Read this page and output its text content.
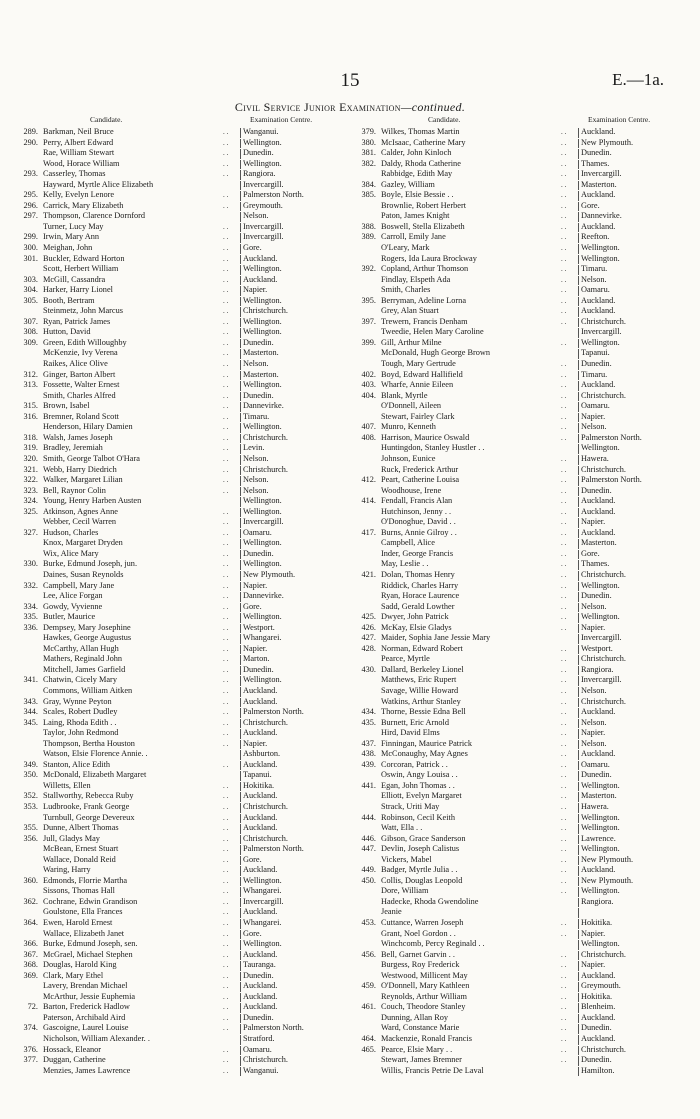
15	E.—1a.
Civil Service Junior Examination—continued.
Candidate.	Examination Centre.
289. Barkman, Neil Bruce	. .	Wanganui.
290. Perry, Albert Edward	. .	Wellington.
Rae, William Stewart	. .	Dunedin.
Wood, Horace William	. .	Wellington.
293. Casserley, Thomas	. .	Rangiora.
Hayward, Myrtle Alice Elizabeth	Invercargill.
295. Kelly, Evelyn Lenore	. .	Palmerston North.
296. Carrick, Mary Elizabeth	. .	Greymouth.
297. Thompson, Clarence Dornford	Nelson.
Turner, Lucy May	. .	Invercargill.
299. Irwin, Mary Ann	. .	Invercargill.
300. Meighan, John	. .	Gore.
301. Buckler, Edward Horton	. .	Auckland.
Scott, Herbert William	. .	Wellington.
303. McGill, Cassandra	. .	Auckland.
304. Harker, Harry Lionel	. .	Napier.
305. Booth, Bertram	. .	Wellington.
Steinmetz, John Marcus	. .	Christchurch.
307. Ryan, Patrick James	. .	Wellington.
308. Hutton, David	. .	Wellington.
309. Green, Edith Willoughby	. .	Dunedin.
McKenzie, Ivy Verena	. .	Masterton.
Raikes, Alice Olive	. .	Nelson.
312. Ginger, Barton Albert	. .	Masterton.
313. Fossette, Walter Ernest	. .	Wellington.
Smith, Charles Alfred	. .	Dunedin.
315. Brown, Isabel	. .	Dannevirke.
316. Bremner, Roland Scott	. .	Timaru.
Henderson, Hilary Damien	. .	Wellington.
318. Walsh, James Joseph	. .	Christchurch.
319. Bradley, Jeremiah	. .	Levin.
320. Smith, George Talbot O'Hara	. .	Nelson.
321. Webb, Harry Diedrich	. .	Christchurch.
322. Walker, Margaret Lilian	. .	Nelson.
323. Bell, Raynor Colin	. .	Nelson.
324. Young, Henry Harben Austen	Wellington.
325. Atkinson, Agnes Anne	. .	Wellington.
Webber, Cecil Warren	. .	Invercargill.
327. Hudson, Charles	. .	Oamaru.
Knox, Margaret Dryden	. .	Wellington.
Wix, Alice Mary	. .	Dunedin.
330. Burke, Edmund Joseph, jun.	. .	Wellington.
Daines, Susan Reynolds	. .	New Plymouth.
332. Campbell, Mary Jane	. .	Napier.
Lee, Alice Forgan	. .	Dannevirke.
334. Gowdy, Vyvienne	. .	Gore.
335. Butler, Maurice	. .	Wellington.
336. Dempsey, Mary Josephine	. .	Westport.
Hawkes, George Augustus	. .	Whangarei.
McCarthy, Allan Hugh	. .	Napier.
Mathers, Reginald John	. .	Marton.
Mitchell, James Garfield	. .	Dunedin.
341. Chatwin, Cicely Mary	. .	Wellington.
Commons, William Aitken	. .	Auckland.
343. Gray, Wynne Peyton	. .	Auckland.
344. Scales, Robert Dudley	. .	Palmerston North.
345. Laing, Rhoda Edith . .	. .	Christchurch.
Taylor, John Redmond	. .	Auckland.
Thompson, Bertha Houston	. .	Napier.
Watson, Elsie Florence Annie. .	Ashburton.
349. Stanton, Alice Edith	. .	Auckland.
350. McDonald, Elizabeth Margaret	Tapanui.
Willetts, Ellen	. .	Hokitika.
352. Stallworthy, Rebecca Ruby	. .	Auckland.
353. Ludbrooke, Frank George	. .	Christchurch.
Turnbull, George Devereux	. .	Auckland.
355. Dunne, Albert Thomas	. .	Auckland.
356. Jull, Gladys May	. .	Christchurch.
McBean, Ernest Stuart	. .	Palmerston North.
Wallace, Donald Reid	. .	Gore.
Waring, Harry	. .	Auckland.
360. Edmonds, Florrie Martha	. .	Wellington.
Sissons, Thomas Hall	. .	Whangarei.
362. Cochrane, Edwin Grandison	. .	Invercargill.
Goulstone, Ella Frances	. .	Auckland.
364. Ewen, Harold Ernest	. .	Whangarei.
Wallace, Elizabeth Janet	. .	Gore.
366. Burke, Edmund Joseph, sen.	. .	Wellington.
367. McGrael, Michael Stephen	. .	Auckland.
368. Douglas, Harold King	. .	Tauranga.
369. Clark, Mary Ethel	. .	Dunedin.
Lavery, Brendan Michael	. .	Auckland.
McArthur, Jessie Euphemia	. .	Auckland.
72. Barton, Frederick Hadlow	. .	Auckland.
Paterson, Archibald Aird	. .	Dunedin.
374. Gascoigne, Laurel Louise	. .	Palmerston North.
Nicholson, William Alexander. .	Stratford.
376. Hossack, Eleanor	. .	Oamaru.
377. Duggan, Catherine	. .	Christchurch.
Menzies, James Lawrence	. .	Wanganui.
Candidate.	Examination Centre.
379. Wilkes, Thomas Martin	. .	Auckland.
380. McIsaac, Catherine Mary	. .	New Plymouth.
381. Calder, John Kinloch	. .	Dunedin.
382. Daldy, Rhoda Catherine	. .	Thames.
Rabbidge, Edith May	. .	Invercargill.
384. Gazley, William	. .	Masterton.
385. Boyle, Elsie Bessie . .	. .	Auckland.
Brownlie, Robert Herbert	. .	Gore.
Paton, James Knight	. .	Dannevirke.
388. Boswell, Stella Elizabeth	. .	Auckland.
389. Carroll, Emily Jane	. .	Reefton.
O'Leary, Mark	. .	Wellington.
Rogers, Ida Laura Brockway	. .	Wellington.
392. Copland, Arthur Thomson	. .	Timaru.
Findlay, Elspeth Ada	. .	Nelson.
Smith, Charles	. .	Oamaru.
395. Berryman, Adeline Lorna	. .	Auckland.
Grey, Alan Stuart	. .	Auckland.
397. Trewern, Francis Denham	. .	Christchurch.
Tweedie, Helen Mary Caroline	Invercargill.
399. Gill, Arthur Milne	. .	Wellington.
McDonald, Hugh George Brown	Tapanui.
Tough, Mary Gertrude	. .	Dunedin.
402. Boyd, Edward Hallifield	. .	Timaru.
403. Wharfe, Annie Eileen	. .	Auckland.
404. Blank, Myrtle	. .	Christchurch.
O'Donnell, Aileen	. .	Oamaru.
Stewart, Fairley Clark	. .	Napier.
407. Munro, Kenneth	. .	Nelson.
408. Harrison, Maurice Oswald	. .	Palmerston North.
Huntingdon, Stanley Hustler . .	Wellington.
Johnson, Eunice	. .	Hawera.
Ruck, Frederick Arthur	. .	Christchurch.
412. Peart, Catherine Louisa	. .	Palmerston North.
Woodhouse, Irene	. .	Dunedin.
414. Fendall, Francis Alan	. .	Auckland.
Hutchinson, Jenny . .	. .	Auckland.
O'Donoghue, David . .	. .	Napier.
417. Burns, Annie Gilroy . .	. .	Auckland.
Campbell, Alice	. .	Masterton.
Inder, George Francis	. .	Gore.
May, Leslie . .	. .	Thames.
421. Dolan, Thomas Henry	. .	Christchurch.
Riddick, Charles Harry	. .	Wellington.
Ryan, Horace Laurence	. .	Dunedin.
Sadd, Gerald Lowther	. .	Nelson.
425. Dwyer, John Patrick	. .	Wellington.
426. McKay, Elsie Gladys	. .	Napier.
427. Maider, Sophia Jane Jessie Mary	Invercargill.
428. Norman, Edward Robert	. .	Westport.
Pearce, Myrtle	. .	Christchurch.
430. Dallard, Berkeley Lionel	. .	Rangiora.
Matthews, Eric Rupert	. .	Invercargill.
Savage, Willie Howard	. .	Nelson.
Watkins, Arthur Stanley	. .	Christchurch.
434. Thorne, Bessie Edna Bell	. .	Auckland.
435. Burnett, Eric Arnold	. .	Nelson.
Hird, David Elms	. .	Napier.
437. Finningan, Maurice Patrick	. .	Nelson.
438. McConaughy, May Agnes	. .	Auckland.
439. Corcoran, Patrick . .	. .	Oamaru.
Oswin, Angy Louisa . .	. .	Dunedin.
441. Egan, John Thomas . .	. .	Wellington.
Elliott, Evelyn Margaret	. .	Masterton.
Strack, Uriti May	. .	Hawera.
444. Robinson, Cecil Keith	. .	Wellington.
Watt, Ella . .	. .	Wellington.
446. Gibson, Grace Sanderson	. .	Lawrence.
447. Devlin, Joseph Calistus	. .	Wellington.
Vickers, Mabel	. .	New Plymouth.
449. Badger, Myrtle Julia . .	. .	Auckland.
450. Collis, Douglas Leopold	. .	New Plymouth.
Dore, William	. .	Wellington.
Hadecke, Rhoda Gwendoline	Rangiora.
Jeanie
453. Cuttance, Warren Joseph	. .	Hokitika.
Grant, Noel Gordon . .	. .	Napier.
Winchcomb, Percy Reginald . .	Wellington.
456. Bell, Garnet Garvin . .	. .	Christchurch.
Burgess, Roy Frederick	. .	Napier.
Westwood, Millicent May	. .	Auckland.
459. O'Donnell, Mary Kathleen	. .	Greymouth.
Reynolds, Arthur William	. .	Hokitika.
461. Couch, Theodore Stanley	. .	Blenheim.
Dunning, Allan Roy	. .	Auckland.
Ward, Constance Marie	. .	Dunedin.
464. Mackenzie, Ronald Francis	. .	Auckland.
465. Pearce, Elsie Mary . .	. .	Christchurch.
Stewart, James Bremner	. .	Dunedin.
Willis, Francis Petrie De Laval	Hamilton.
